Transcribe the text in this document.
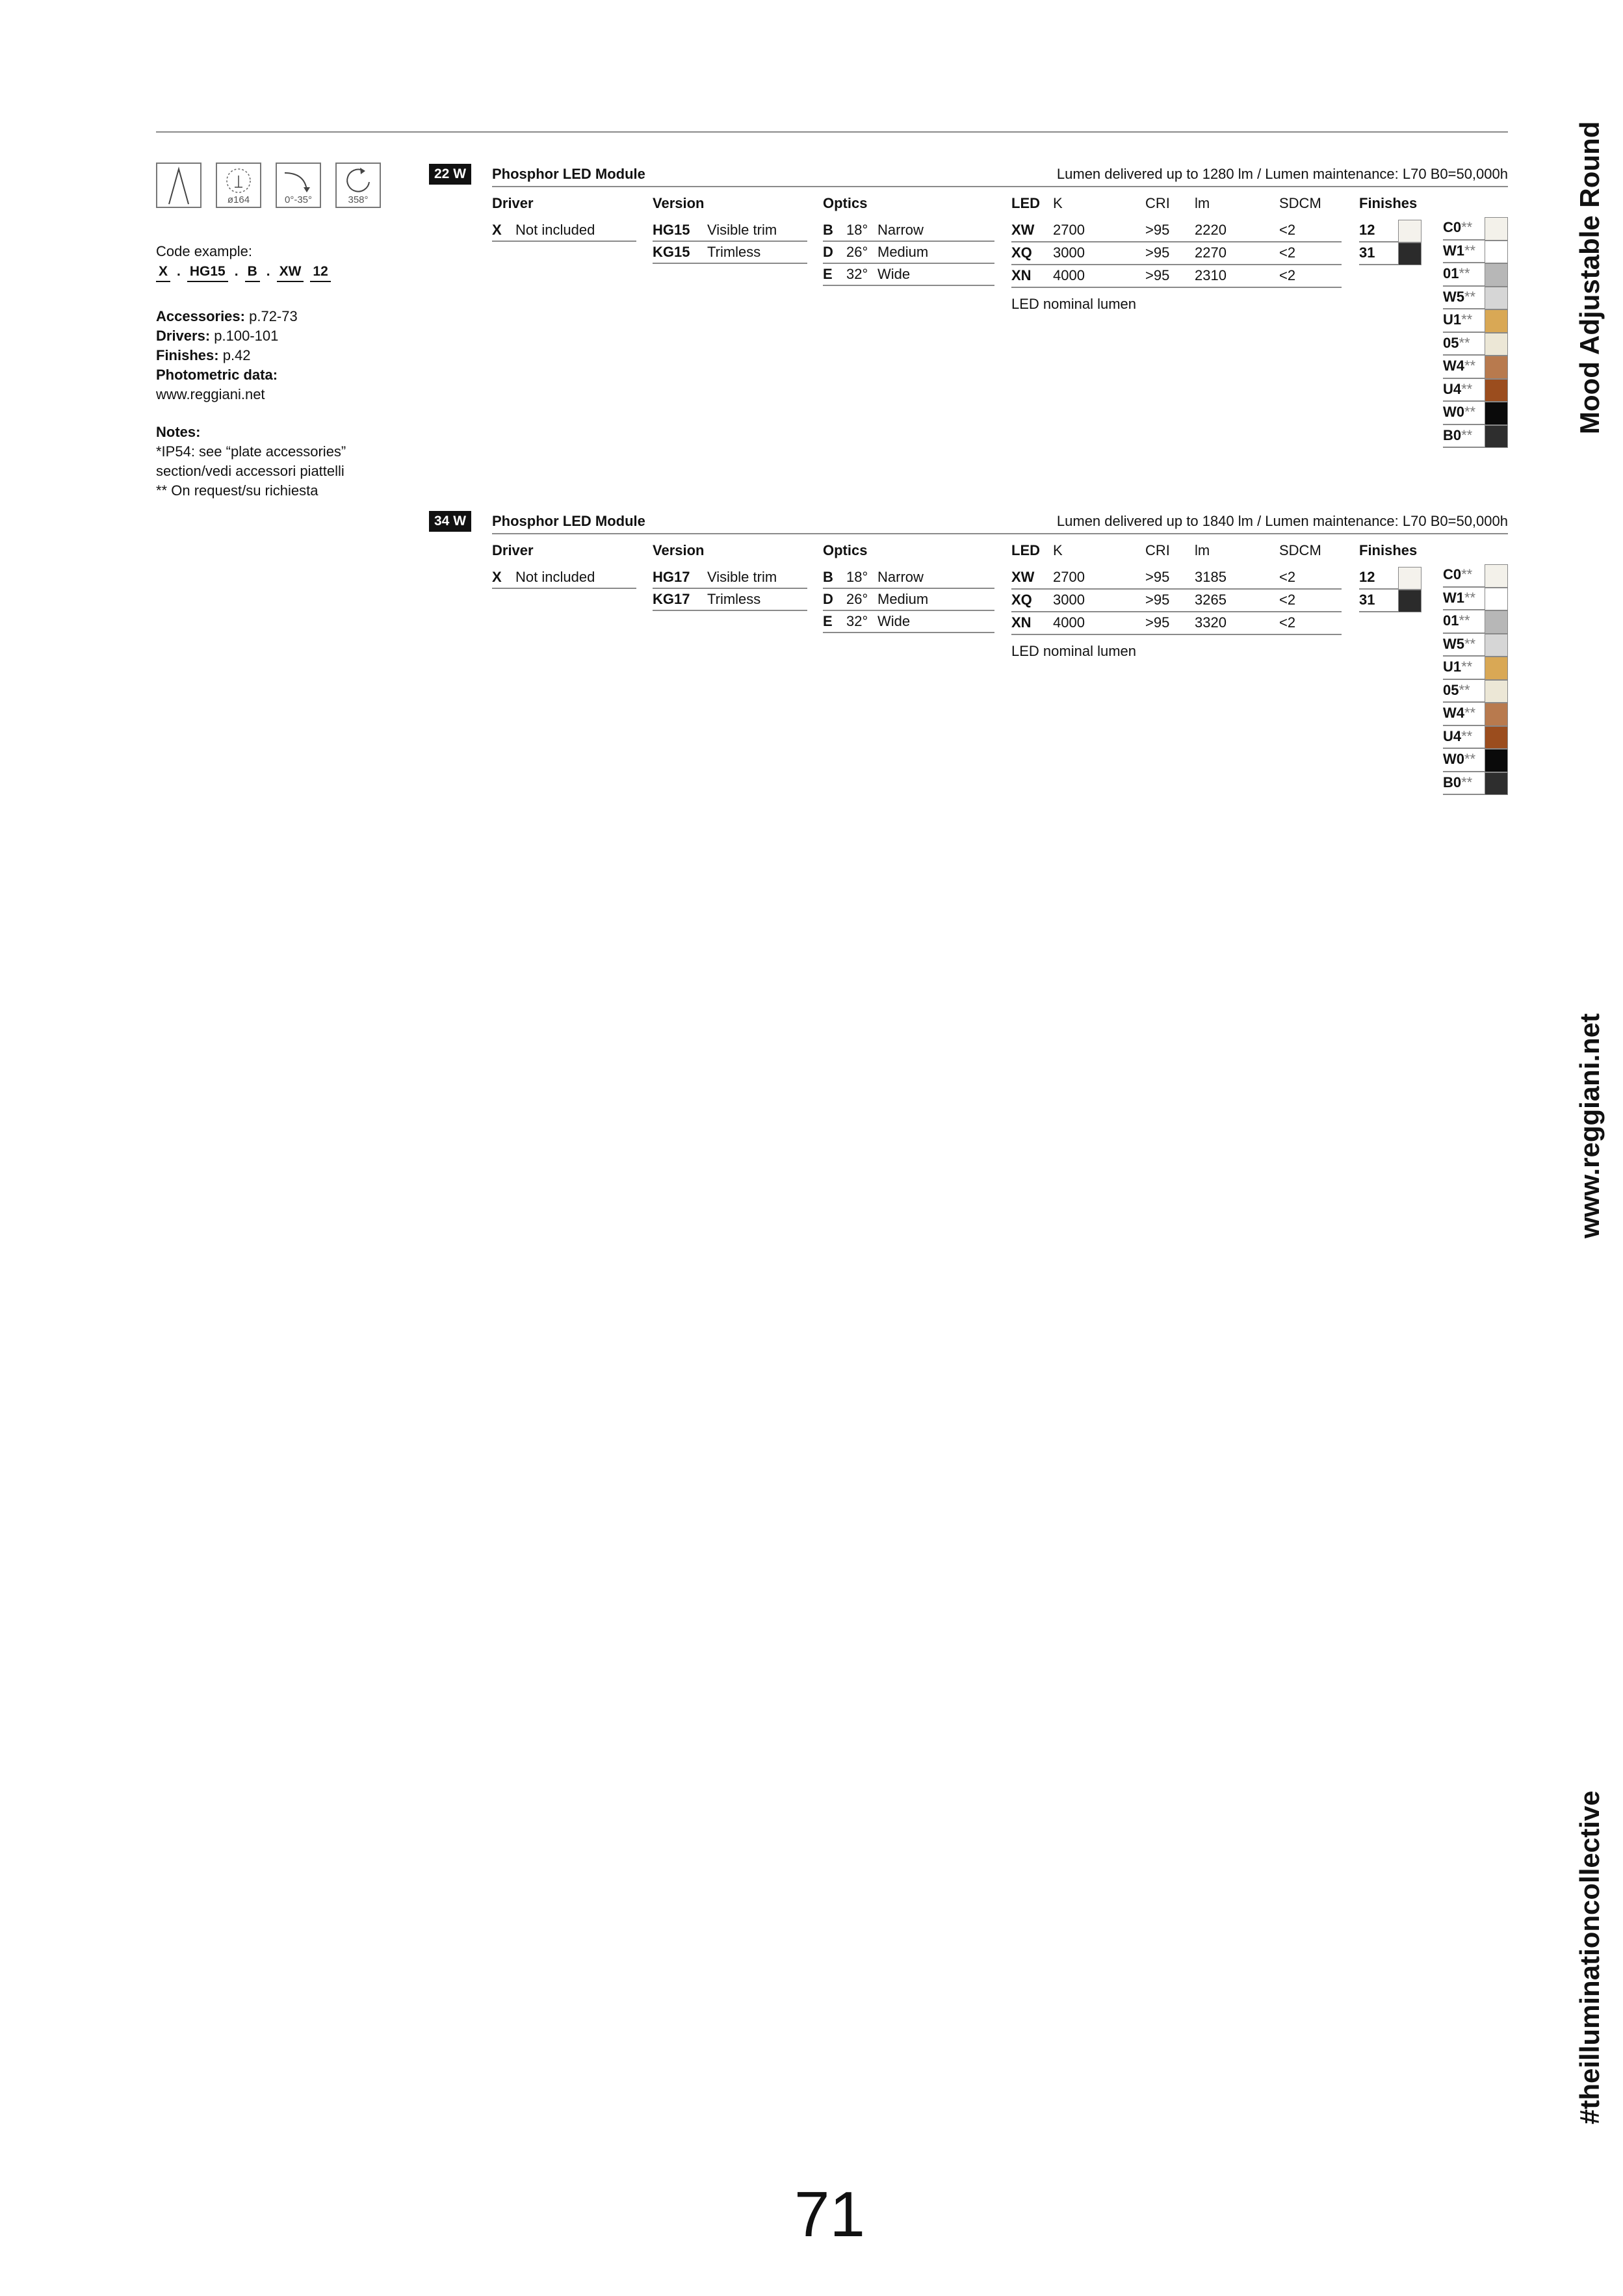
ø164	0°-35°	358°
Code example:
X . HG15 . B . XW 12
Accessories: p.72-73
Drivers: p.100-101
Finishes: p.42
Photometric data:
www.reggiani.net
Notes:
*IP54: see “plate accessories”
section/vedi accessori piattelli
** On request/su richiesta
22 W	Phosphor LED Module	Lumen delivered up to 1280 lm / Lumen maintenance: L70 B0=50,000h
Driver	Version	Optics	LED K	CRI lm	SDCM	Finishes
X Not included	HG15	Visible trim
KG15	Trimless
B 18° Narrow
D 26° Medium
E 32° Wide
XW 2700	>95 2220	<2
XQ 3000	>95 2270	<2
XN 4000	>95 2310	<2
LED nominal lumen
12
31
C0**
W1**
01**
W5**
U1**
05**
W4**
U4**
W0**
B0**
34 W	Phosphor LED Module	Lumen delivered up to 1840 lm / Lumen maintenance: L70 B0=50,000h
Driver	Version	Optics	LED K	CRI lm	SDCM	Finishes
X Not included	HG17	Visible trim
KG17	Trimless
B 18° Narrow
D 26° Medium
E 32° Wide
XW 2700	>95 3185	<2
XQ 3000	>95 3265	<2
XN 4000	>95 3320	<2
LED nominal lumen
12
31
C0**
W1**
01**
W5**
U1**
05**
W4**
U4**
W0**
B0**
Mood Adjustable Round
www.reggiani.net
#theilluminationcollective
71
